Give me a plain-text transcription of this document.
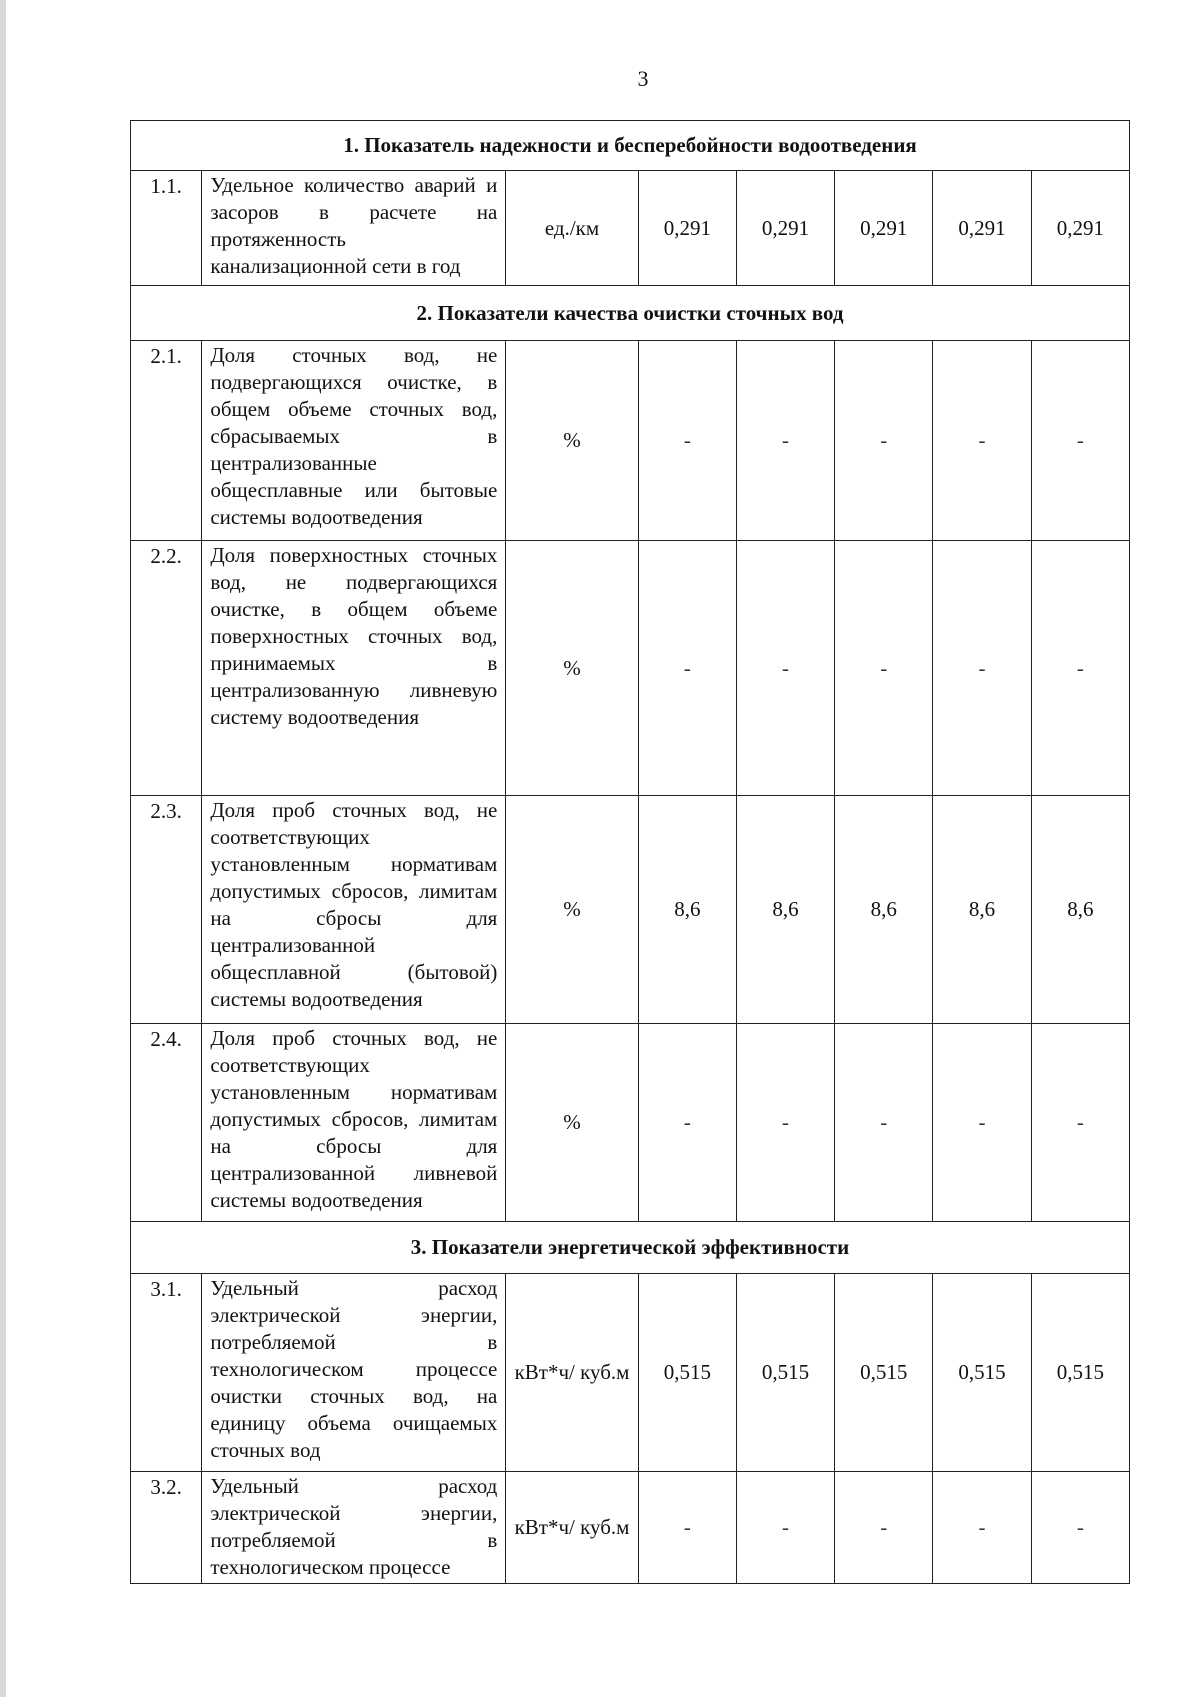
3
1. Показатель надежности и бесперебойности водоотведения							
1.1.	Удельное количество аварий и засоров в расчете на протяженность канализационной сети в год	ед./км	0,291	0,291	0,291	0,291	0,291
2. Показатели качества очистки сточных вод							
2.1.	Доля сточных вод, не подвергающихся очистке, в общем объеме сточных вод, сбрасываемых в централизованные общесплавные или бытовые системы водоотведения	%	-	-	-	-	-
2.2.	Доля поверхностных сточных вод, не подвергающихся очистке, в общем объеме поверхностных сточных вод, принимаемых в централизованную ливневую систему водоотведения	%	-	-	-	-	-
2.3.	Доля проб сточных вод, не соответствующих установленным нормативам допустимых сбросов, лимитам на сбросы для централизованной общесплавной (бытовой) системы водоотведения	%	8,6	8,6	8,6	8,6	8,6
2.4.	Доля проб сточных вод, не соответствующих установленным нормативам допустимых сбросов, лимитам на сбросы для централизованной ливневой системы водоотведения	%	-	-	-	-	-
3. Показатели энергетической эффективности							
3.1.	Удельный расход электрической энергии, потребляемой в технологическом процессе очистки сточных вод, на единицу объема очищаемых сточных вод	кВт*ч/ куб.м	0,515	0,515	0,515	0,515	0,515
3.2.	Удельный расход электрической энергии, потребляемой в технологическом процессе	кВт*ч/ куб.м	-	-	-	-	-
